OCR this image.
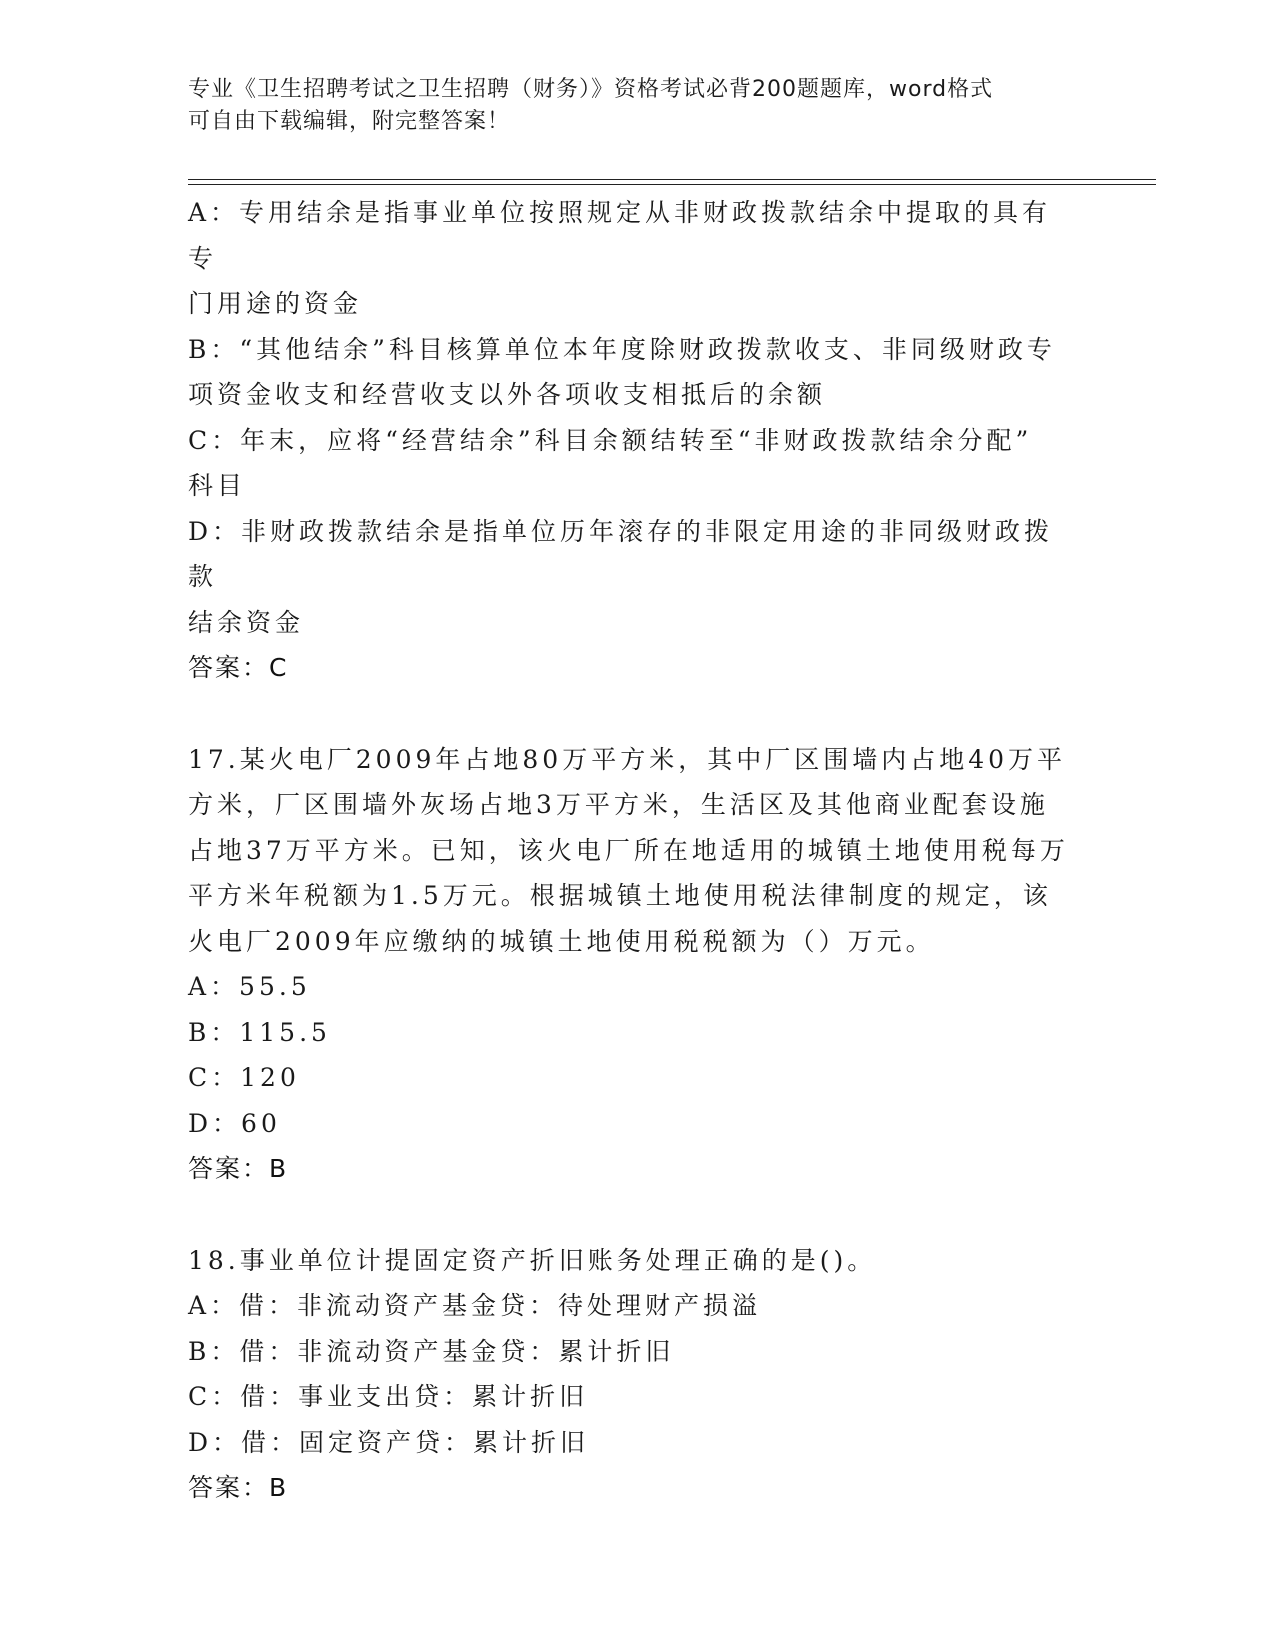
专业《卫生招聘考试之卫生招聘（财务）》资格考试必背200题题库，word格式

可自由下载编辑，附完整答案！

A：专用结余是指事业单位按照规定从非财政拨款结余中提取的具有专

门用途的资金

B：“其他结余”科目核算单位本年度除财政拨款收支、非同级财政专

项资金收支和经营收支以外各项收支相抵后的余额

C：年末，应将“经营结余”科目余额结转至“非财政拨款结余分配”

科目

D：非财政拨款结余是指单位历年滚存的非限定用途的非同级财政拨款

结余资金

答案：C

17.某火电厂2009年占地80万平方米，其中厂区围墙内占地40万平

方米，厂区围墙外灰场占地3万平方米，生活区及其他商业配套设施

占地37万平方米。已知，该火电厂所在地适用的城镇土地使用税每万

平方米年税额为1.5万元。根据城镇土地使用税法律制度的规定，该

火电厂2009年应缴纳的城镇土地使用税税额为（）万元。

A：55.5

B：115.5

C：120

D：60

答案：B

18.事业单位计提固定资产折旧账务处理正确的是()。

A：借：非流动资产基金贷：待处理财产损溢

B：借：非流动资产基金贷：累计折旧

C：借：事业支出贷：累计折旧

D：借：固定资产贷：累计折旧

答案：B
